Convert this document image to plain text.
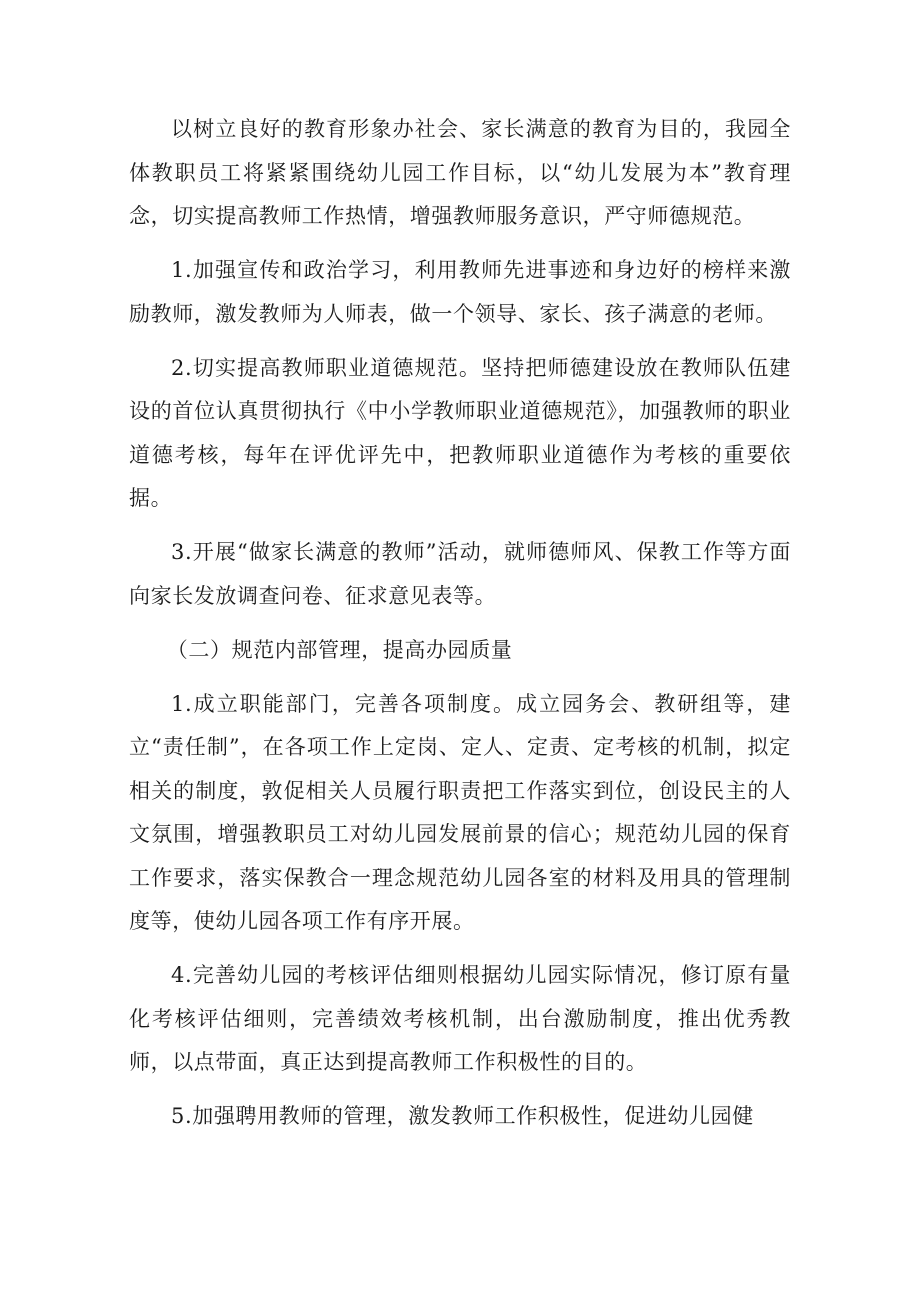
以树立良好的教育形象办社会、家长满意的教育为目的，我园全体教职员工将紧紧围绕幼儿园工作目标，以“幼儿发展为本”教育理念，切实提高教师工作热情，增强教师服务意识，严守师德规范。

1.加强宣传和政治学习，利用教师先进事迹和身边好的榜样来激励教师，激发教师为人师表，做一个领导、家长、孩子满意的老师。

2.切实提高教师职业道德规范。坚持把师德建设放在教师队伍建设的首位认真贯彻执行《中小学教师职业道德规范》，加强教师的职业道德考核，每年在评优评先中，把教师职业道德作为考核的重要依据。

3.开展“做家长满意的教师”活动，就师德师风、保教工作等方面向家长发放调查问卷、征求意见表等。

（二）规范内部管理，提高办园质量

1.成立职能部门，完善各项制度。成立园务会、教研组等，建立“责任制”，在各项工作上定岗、定人、定责、定考核的机制，拟定相关的制度，敦促相关人员履行职责把工作落实到位，创设民主的人文氛围，增强教职员工对幼儿园发展前景的信心；规范幼儿园的保育工作要求，落实保教合一理念规范幼儿园各室的材料及用具的管理制度等，使幼儿园各项工作有序开展。

4.完善幼儿园的考核评估细则根据幼儿园实际情况，修订原有量化考核评估细则，完善绩效考核机制，出台激励制度，推出优秀教师，以点带面，真正达到提高教师工作积极性的目的。

5.加强聘用教师的管理，激发教师工作积极性，促进幼儿园健
